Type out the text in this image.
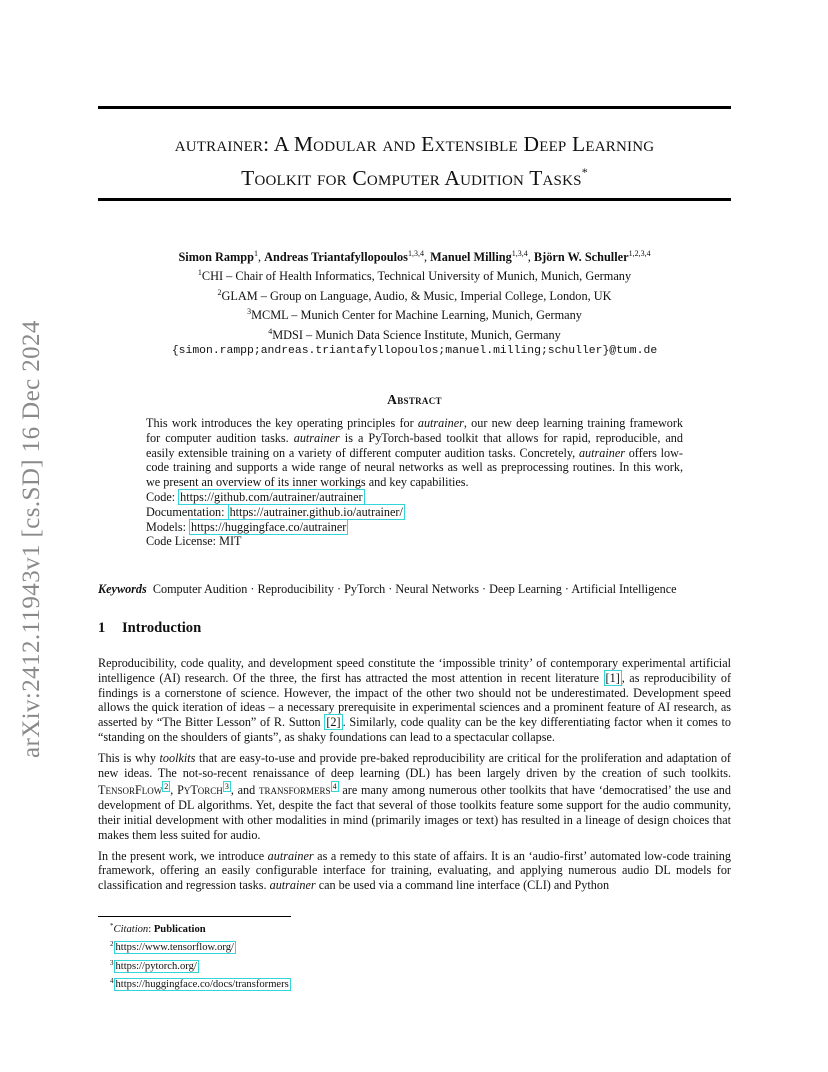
arXiv:2412.11943v1 [cs.SD] 16 Dec 2024
autrainer: A Modular and Extensible Deep Learning
Toolkit for Computer Audition Tasks*
Simon Rampp$^1$, Andreas Triantafyllopoulos$^{1,3,4}$, Manuel Milling$^{1,3,4}$, Björn W. Schuller$^{1,2,3,4}$
$^1$CHI – Chair of Health Informatics, Technical University of Munich, Munich, Germany
$^2$GLAM – Group on Language, Audio, & Music, Imperial College, London, UK
$^3$MCML – Munich Center for Machine Learning, Munich, Germany
$^4$MDSI – Munich Data Science Institute, Munich, Germany
{simon.rampp;andreas.triantafyllopoulos;manuel.milling;schuller}@tum.de
Abstract

This work introduces the key operating principles for autrainer, our new deep learning training framework for computer audition tasks. autrainer is a PyTorch-based toolkit that allows for rapid, reproducible, and easily extensible training on a variety of different computer audition tasks. Concretely, autrainer offers low-code training and supports a wide range of neural networks as well as preprocessing routines. In this work, we present an overview of its inner workings and key capabilities.

Code: https://github.com/autrainer/autrainer
Documentation: https://autrainer.github.io/autrainer/
Models: https://huggingface.co/autrainer
Code License: MIT
Keywords Computer Audition · Reproducibility · PyTorch · Neural Networks · Deep Learning · Artificial Intelligence
1 Introduction

Reproducibility, code quality, and development speed constitute the ‘impossible trinity’ of contemporary experimental artificial intelligence (AI) research. Of the three, the first has attracted the most attention in recent literature [1] , as reproducibility of findings is a cornerstone of science. However, the impact of the other two should not be underestimated. Development speed allows the quick iteration of ideas – a necessary prerequisite in experimental sciences and a prominent feature of AI research, as asserted by “The Bitter Lesson” of R. Sutton [2] . Similarly, code quality can be the key differentiating factor when it comes to “standing on the shoulders of giants”, as shaky foundations can lead to a spectacular collapse.

This is why toolkits that are easy-to-use and provide pre-baked reproducibility are critical for the proliferation and adaptation of new ideas. The not-so-recent renaissance of deep learning (DL) has been largely driven by the creation of such toolkits. TensorFlow $^2$ , PyTorch $^3$ , and transformers $^4$ are many among numerous other toolkits that have ‘democratised’ the use and development of DL algorithms. Yet, despite the fact that several of those toolkits feature some support for the audio community, their initial development with other modalities in mind (primarily images or text) has resulted in a lineage of design choices that makes them less suited for audio.

In the present work, we introduce autrainer as a remedy to this state of affairs. It is an ‘audio-first’ automated low-code training framework, offering an easily configurable interface for training, evaluating, and applying numerous audio DL models for classification and regression tasks. autrainer can be used via a command line interface (CLI) and Python

*Citation: Publication
$^2$ https://www.tensorflow.org/
$^3$ https://pytorch.org/
$^4$ https://huggingface.co/docs/transformers
